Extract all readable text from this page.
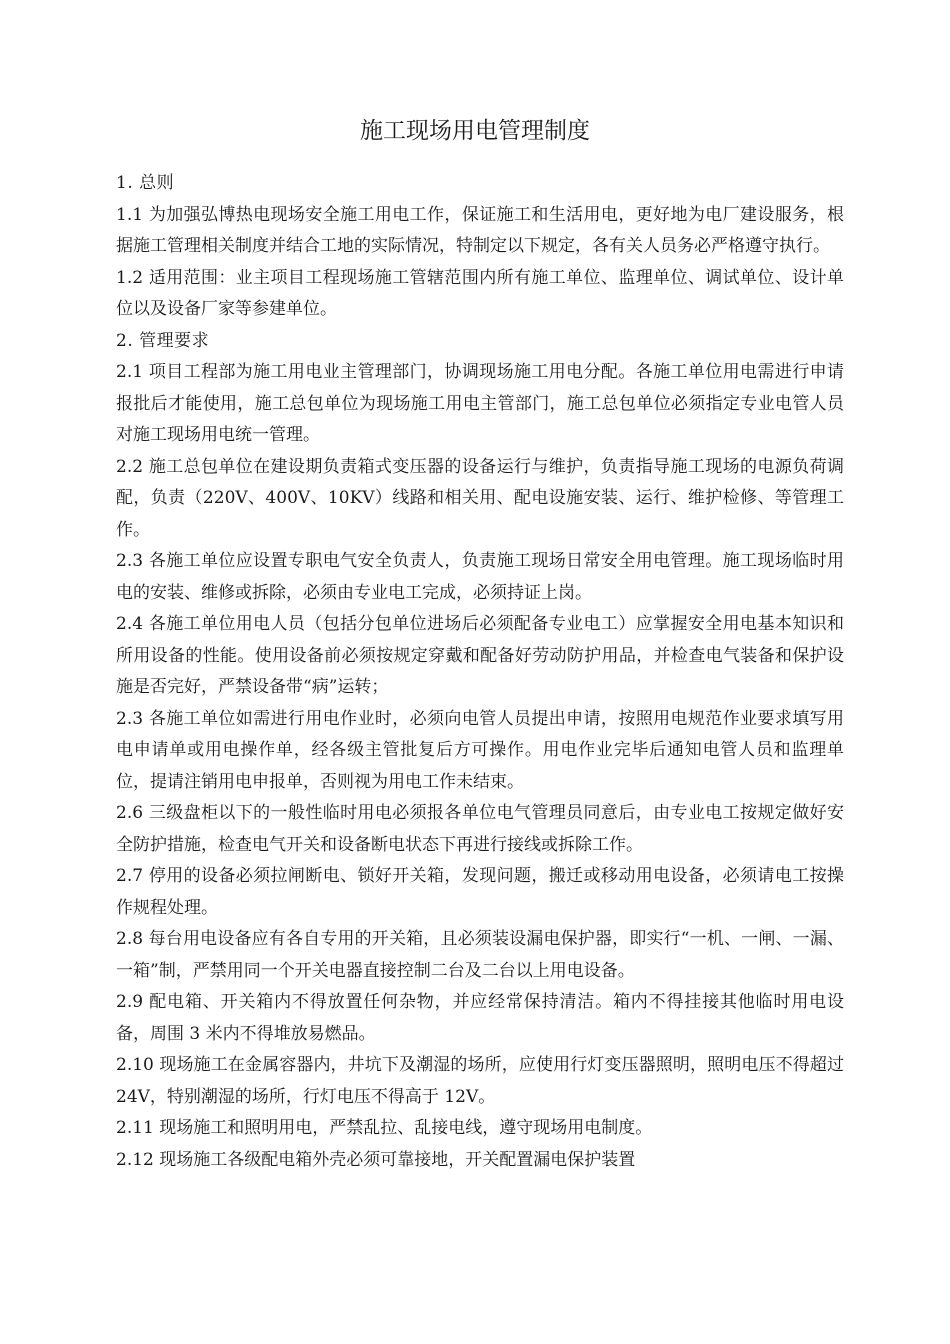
施工现场用电管理制度

1. 总则

1.1 为加强弘博热电现场安全施工用电工作，保证施工和生活用电，更好地为电厂建设服务，根据施工管理相关制度并结合工地的实际情况，特制定以下规定，各有关人员务必严格遵守执行。

1.2 适用范围：业主项目工程现场施工管辖范围内所有施工单位、监理单位、调试单位、设计单位以及设备厂家等参建单位。

2. 管理要求

2.1 项目工程部为施工用电业主管理部门，协调现场施工用电分配。各施工单位用电需进行申请报批后才能使用，施工总包单位为现场施工用电主管部门，施工总包单位必须指定专业电管人员对施工现场用电统一管理。

2.2 施工总包单位在建设期负责箱式变压器的设备运行与维护，负责指导施工现场的电源负荷调配，负责（220V、400V、10KV）线路和相关用、配电设施安装、运行、维护检修、等管理工作。

2.3 各施工单位应设置专职电气安全负责人，负责施工现场日常安全用电管理。施工现场临时用电的安装、维修或拆除，必须由专业电工完成，必须持证上岗。

2.4 各施工单位用电人员（包括分包单位进场后必须配备专业电工）应掌握安全用电基本知识和所用设备的性能。使用设备前必须按规定穿戴和配备好劳动防护用品，并检查电气装备和保护设施是否完好，严禁设备带“病”运转；

2.3 各施工单位如需进行用电作业时，必须向电管人员提出申请，按照用电规范作业要求填写用电申请单或用电操作单，经各级主管批复后方可操作。用电作业完毕后通知电管人员和监理单位，提请注销用电申报单，否则视为用电工作未结束。

2.6 三级盘柜以下的一般性临时用电必须报各单位电气管理员同意后，由专业电工按规定做好安全防护措施，检查电气开关和设备断电状态下再进行接线或拆除工作。

2.7 停用的设备必须拉闸断电、锁好开关箱，发现问题，搬迁或移动用电设备，必须请电工按操作规程处理。

2.8 每台用电设备应有各自专用的开关箱，且必须装设漏电保护器，即实行“一机、一闸、一漏、一箱”制，严禁用同一个开关电器直接控制二台及二台以上用电设备。

2.9 配电箱、开关箱内不得放置任何杂物，并应经常保持清洁。箱内不得挂接其他临时用电设备，周围 3 米内不得堆放易燃品。

2.10 现场施工在金属容器内，井坑下及潮湿的场所，应使用行灯变压器照明，照明电压不得超过 24V，特别潮湿的场所，行灯电压不得高于 12V。

2.11 现场施工和照明用电，严禁乱拉、乱接电线，遵守现场用电制度。

2.12 现场施工各级配电箱外壳必须可靠接地，开关配置漏电保护装置
